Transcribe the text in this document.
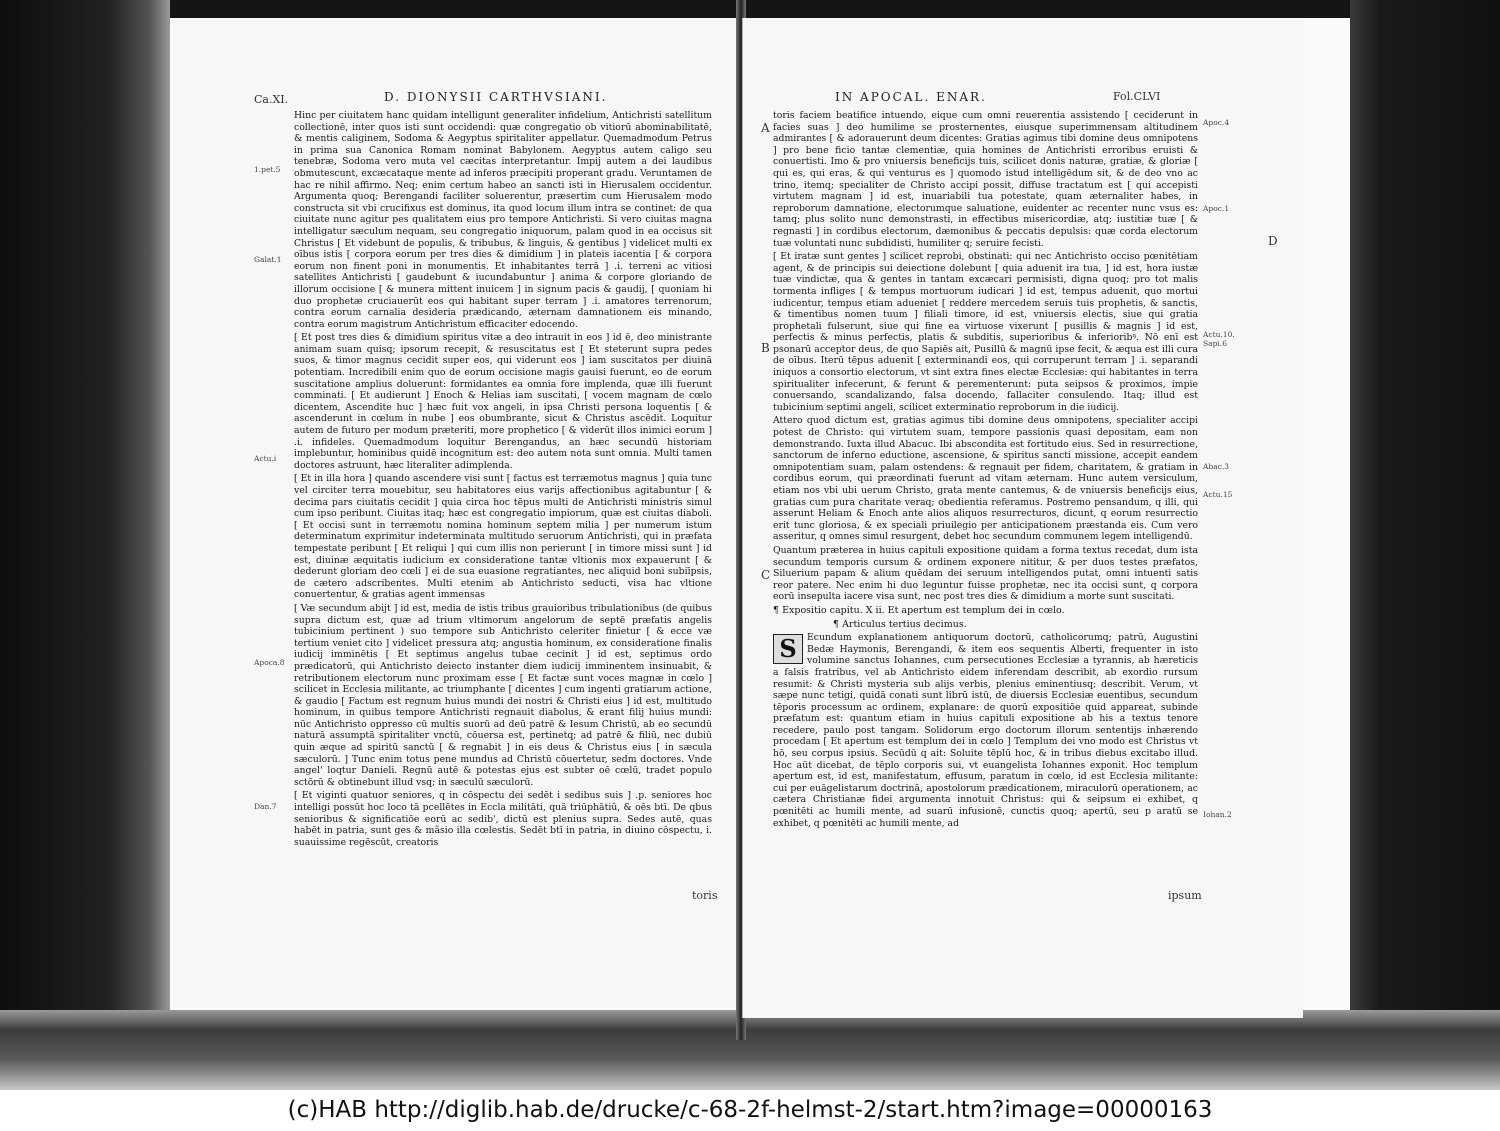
Ca.XI.	D. DIONYSII CARTHVSIANI.

Hinc per ciuitatem hanc quidam intelligunt generaliter infidelium, Antichristi satellitum collectionē, inter quos isti sunt occidendi: quæ congregatio ob vitiorū abominabilitatē, & mentis caliginem, Sodoma & Aegyptus spiritaliter appellatur. Quemadmodum Petrus in prima sua Canonica Romam nominat Babylonem. Aegyptus autem caligo seu tenebræ, Sodoma vero muta vel cæcitas interpretantur. Impij autem a dei laudibus obmutescunt, excæcataque mente ad inferos præcipiti properant gradu. Veruntamen de hac re nihil affirmo. Neq; enim certum habeo an sancti isti in Hierusalem occidentur. Argumenta quoq; Berengandi faciliter soluerentur, præsertim cum Hierusalem modo constructa sit vbi crucifixus est dominus, ita quod locum illum intra se continet: de qua ciuitate nunc agitur pes qualitatem eius pro tempore Antichristi. Si vero ciuitas magna intelligatur sæculum nequam, seu congregatio iniquorum, palam quod in ea occisus sit Christus [ Et videbunt de populis, & tribubus, & linguis, & gentibus ] videlicet multi ex oībus istis [ corpora eorum per tres dies & dimidium ] in plateis iacentia [ & corpora eorum non finent poni in monumentis. Et inhabitantes terrā ] .i. terreni ac vitiosi satellites Antichristi [ gaudebunt & iucundabuntur ] anima & corpore gloriando de illorum occisione [ & munera mittent inuicem ] in signum pacis & gaudij, [ quoniam hi duo prophetæ cruciauerūt eos qui habitant super terram ] .i. amatores terrenorum, contra eorum carnalia desideria prædicando, æternam damnationem eis minando, contra eorum magistrum Antichristum efficaciter edocendo.

[ Et post tres dies & dimidium spiritus vitæ a deo intrauit in eos ] id ē, deo ministrante animam suam quisq; ipsorum recepit, & resuscitatus est [ Et steterunt supra pedes suos, & timor magnus cecidit super eos, qui viderunt eos ] iam suscitatos per diuinā potentiam. Incredibili enim quo de eorum occisione magis gauisi fuerunt, eo de eorum suscitatione amplius doluerunt: formidantes ea omnia fore implenda, quæ illi fuerunt comminati. [ Et audierunt ] Enoch & Helias iam suscitati, [ vocem magnam de cœlo dicentem, Ascendite huc ] hæc fuit vox angeli, in ipsa Christi persona loquentis [ & ascenderunt in cœlum in nube ] eos obumbrante, sicut & Christus ascēdit. Loquitur autem de futuro per modum præteriti, more prophetico [ & viderūt illos inimici eorum ] .i. infideles. Quemadmodum loquitur Berengandus, an hæc secundū historiam implebuntur, hominibus quidē incognitum est: deo autem nota sunt omnia. Multi tamen doctores astruunt, hæc literaliter adimplenda.

[ Et in illa hora ] quando ascendere visi sunt [ factus est terræmotus magnus ] quia tunc vel circiter terra mouebitur, seu habitatores eius varijs affectionibus agitabuntur [ & decima pars ciuitatis cecidit ] quia circa hoc tēpus multi de Antichristi ministris simul cum ipso peribunt. Ciuitas itaq; hæc est congregatio impiorum, quæ est ciuitas diaboli. [ Et occisi sunt in terræmotu nomina hominum septem milia ] per numerum istum determinatum exprimitur indeterminata multitudo seruorum Antichristi, qui in præfata tempestate peribunt [ Et reliqui ] qui cum illis non perierunt [ in timore missi sunt ] id est, diuinæ æquitatis iudicium ex consideratione tantæ vltionis mox expauerunt [ & dederunt gloriam deo cœli ] ei de sua euasione regratiantes, nec aliquid boni subiīpsis, de cætero adscribentes. Multi etenim ab Antichristo seducti, visa hac vltione conuertentur, & gratias agent immensas

[ Væ secundum abijt ] id est, media de istis tribus grauioribus tribulationibus (de quibus supra dictum est, quæ ad trium vltimorum angelorum de septē præfatis angelis tubicinium pertinent ) suo tempore sub Antichristo celeriter finietur [ & ecce væ tertium veniet cito ] videlicet pressura atq; angustia hominum, ex consideratione finalis iudicij imminētis [ Et septimus angelus tubae cecinit ] id est, septimus ordo prædicatorū, qui Antichristo deiecto instanter diem iudicij imminentem insinuabit, & retributionem electorum nunc proximam esse [ Et factæ sunt voces magnæ in cœlo ] scilicet in Ecclesia militante, ac triumphante [ dicentes ] cum ingenti gratiarum actione, & gaudio [ Factum est regnum huius mundi dei nostri & Christi eius ] id est, multitudo hominum, in quibus tempore Antichristi regnauit diabolus, & erant filij huius mundi: nūc Antichristo oppresso cū multis suorū ad deū patrē & Iesum Christū, ab eo secundū naturā assumptā spiritaliter vnctū, cōuersa est, pertinetq; ad patrē & filiū, nec dubiū quin æque ad spiritū sanctū [ & regnabit ] in eis deus & Christus eius [ in sæcula sæculorū. ] Tunc enim totus pene mundus ad Christū cōuertetur, sedm doctores. Vnde angel' loqtur Danieli. Regnū autē & potestas ejus est subter oē cœlū, tradet populo sctōrū & obtinebunt illud vsq; in sæculū sæculorū.

[ Et viginti quatuor seniores, q in cōspectu dei sedēt i sedibus suis ] .p. seniores hoc intelligi possūt hoc loco tā pcellētes in Eccla militāti, quā triūphātiū, & oēs btī. De qbus senioribus & significatiōe eorū ac sedib', dictū est plenius supra. Sedes autē, quas habēt in patria, sunt ges & mãsio illa cœlestis. Sedēt btī in patria, in diuino cōspectu, i. suauissime regēscūt, creatoris

toris
1.pet.5
Galat.1
Actu.i
Apoca.8
Dan.7
IN APOCAL. ENAR.	Fol.CLVI
A
B
C
D

toris faciem beatifice intuendo, eique cum omni reuerentia assistendo [ ceciderunt in facies suas ] deo humilime se prosternentes, eiusque superimmensam altitudinem admirantes [ & adorauerunt deum dicentes: Gratias agimus tibi domine deus omnipotens ] pro bene ficio tantæ clementiæ, quia homines de Antichristi erroribus eruisti & conuertisti. Imo & pro vniuersis beneficijs tuis, scilicet donis naturæ, gratiæ, & gloriæ [ qui es, qui eras, & qui venturus es ] quomodo istud intelligēdum sit, & de deo vno ac trino, itemq; specialiter de Christo accipi possit, diffuse tractatum est [ qui accepisti virtutem magnam ] id est, inuariabili tua potestate, quam æternaliter habes, in reproborum damnatione, electorumque saluatione, euidenter ac recenter nunc vsus es: tamq; plus solito nunc demonstrasti, in effectibus misericordiæ, atq; iustitiæ tuæ [ & regnasti ] in cordibus electorum, dæmonibus & peccatis depulsis: quæ corda electorum tuæ voluntati nunc subdidisti, humiliter q; seruire fecisti.

[ Et iratæ sunt gentes ] scilicet reprobi, obstinati: qui nec Antichristo occiso pœnitētiam agent, & de principis sui deiectione dolebunt [ quia aduenit ira tua, ] id est, hora iustæ tuæ vindictæ, qua & gentes in tantam excæcari permisisti, digna quoq; pro tot malis tormenta infliges [ & tempus mortuorum iudicari ] id est, tempus aduenit, quo mortui iudicentur, tempus etiam adueniet [ reddere mercedem seruis tuis prophetis, & sanctis, & timentibus nomen tuum ] filiali timore, id est, vniuersis electis, siue qui gratia prophetali fulserunt, siue qui fine ea virtuose vixerunt [ pusillis & magnis ] id est, perfectis & minus perfectis, platis & subditis, superioribus & inferioribꝰ. Nō enī est psonarū acceptor deus, de quo Sapiēs ait, Pusillū & magnū ipse fecit, & æqua est illi cura de oībus. Iterū tēpus aduenit [ exterminandi eos, qui corruperunt terram ] .i. separandi iniquos a consortio electorum, vt sint extra fines electæ Ecclesiæ: qui habitantes in terra spiritualiter infecerunt, & ferunt & perementerunt: puta seipsos & proximos, impie conuersando, scandalizando, falsa docendo, fallaciter consulendo. Itaq; illud est tubicinium septimi angeli, scilicet exterminatio reproborum in die iudicij.

Attero quod dictum est, gratias agimus tibi domine deus omnipotens, specialiter accipi potest de Christo: qui virtutem suam, tempore passionis quasi depositam, eam non demonstrando. Iuxta illud Abacuc. Ibi abscondita est fortitudo eius. Sed in resurrectione, sanctorum de inferno eductione, ascensione, & spiritus sancti missione, accepit eandem omnipotentiam suam, palam ostendens: & regnauit per fidem, charitatem, & gratiam in cordibus eorum, qui præordinati fuerunt ad vitam æternam. Hunc autem versiculum, etiam nos vbi ubi uerum Christo, grata mente cantemus, & de vniuersis beneficijs eius, gratias cum pura charitate veraq; obedientia referamus. Postremo pensandum, q illi, qui asserunt Heliam & Enoch ante alios aliquos resurrecturos, dicunt, q eorum resurrectio erit tunc gloriosa, & ex speciali priuilegio per anticipationem præstanda eis. Cum vero asseritur, q omnes simul resurgent, debet hoc secundum communem legem intelligendū.

Quantum præterea in huius capituli expositione quidam a forma textus recedat, dum ista secundum temporis cursum & ordinem exponere nititur, & per duos testes præfatos, Siluerium papam & alium quēdam dei seruum intelligendos putat, omni intuenti satis reor patere. Nec enim hi duo leguntur fuisse prophetæ, nec ita occisi sunt, q corpora eorū insepulta iacere visa sunt, nec post tres dies & dimidium a morte sunt suscitati.

¶ Expositio capitu. X ii. Et apertum est templum dei in cœlo.

¶ Articulus tertius decimus.

S	Ecundum explanationem antiquorum doctorū, catholicorumq; patrū, Augustini Bedæ Haymonis, Berengandi, & item eos sequentis Alberti, frequenter in isto volumine sanctus Iohannes, cum persecutiones Ecclesiæ a tyrannis, ab hæreticis a falsis fratribus, vel ab Antichristo eidem inferendam describit, ab exordio rursum resumit: & Christi mysteria sub alijs verbis, plenius eminentiusq; describit. Verum, vt sæpe nunc tetigi, quidā conati sunt librū istū, de diuersis Ecclesiæ euentibus, secundum tēporis processum ac ordinem, explanare: de quorū expositiōe quid appareat, subinde præfatum est: quantum etiam in huius capituli expositione ab his a textus tenore recedere, paulo post tangam. Solidorum ergo doctorum illorum sententijs inhærendo procedam [ Et apertum est templum dei in cœlo ] Templum dei vno modo est Christus vt hō, seu corpus ipsius. Secūdū q ait: Soluite tēplū hoc, & in tribus diebus excitabo illud. Hoc aūt dicebat, de tēplo corporis sui, vt euangelista Iohannes exponit. Hoc templum apertum est, id est, manifestatum, effusum, paratum in cœlo, id est Ecclesia militante: cui per euāgelistarum doctrinā, apostolorum prædicationem, miraculorū operationem, ac cætera Christianæ fidei argumenta innotuit Christus: qui & seipsum ei exhibet, q pœnitēti ac humili mente, ad suarū infusionē, cunctis quoq; apertū, seu p aratū se exhibet, q pœnitēti ac humili mente, ad

ipsum
Apoc.4
Apoc.1
Actu.10. Sapi.6
Abac.3
Actu.15
Iohan.2
(c)HAB http://diglib.hab.de/drucke/c-68-2f-helmst-2/start.htm?image=00000163
